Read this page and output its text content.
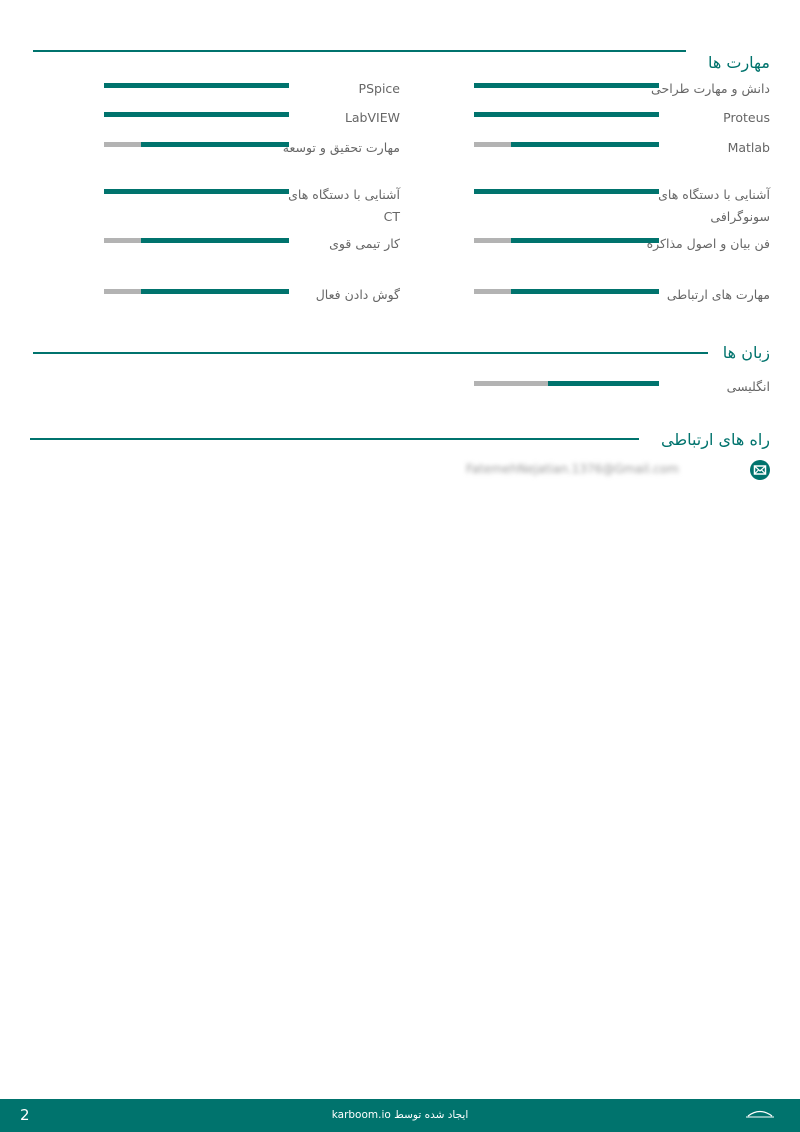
مهارت ها
دانش و مهارت طراحی
Proteus
Matlab
آشنایی با دستگاه های سونوگرافی
فن بیان و اصول مذاکره
مهارت های ارتباطی
PSpice
LabVIEW
مهارت تحقیق و توسعه
آشنایی با دستگاه های CT
کار تیمی قوی
گوش دادن فعال
زبان ها
انگلیسی
راه های ارتباطی
FatemehNejatian.1376@Gmail.com
2	ایجاد شده توسط karboom.io
